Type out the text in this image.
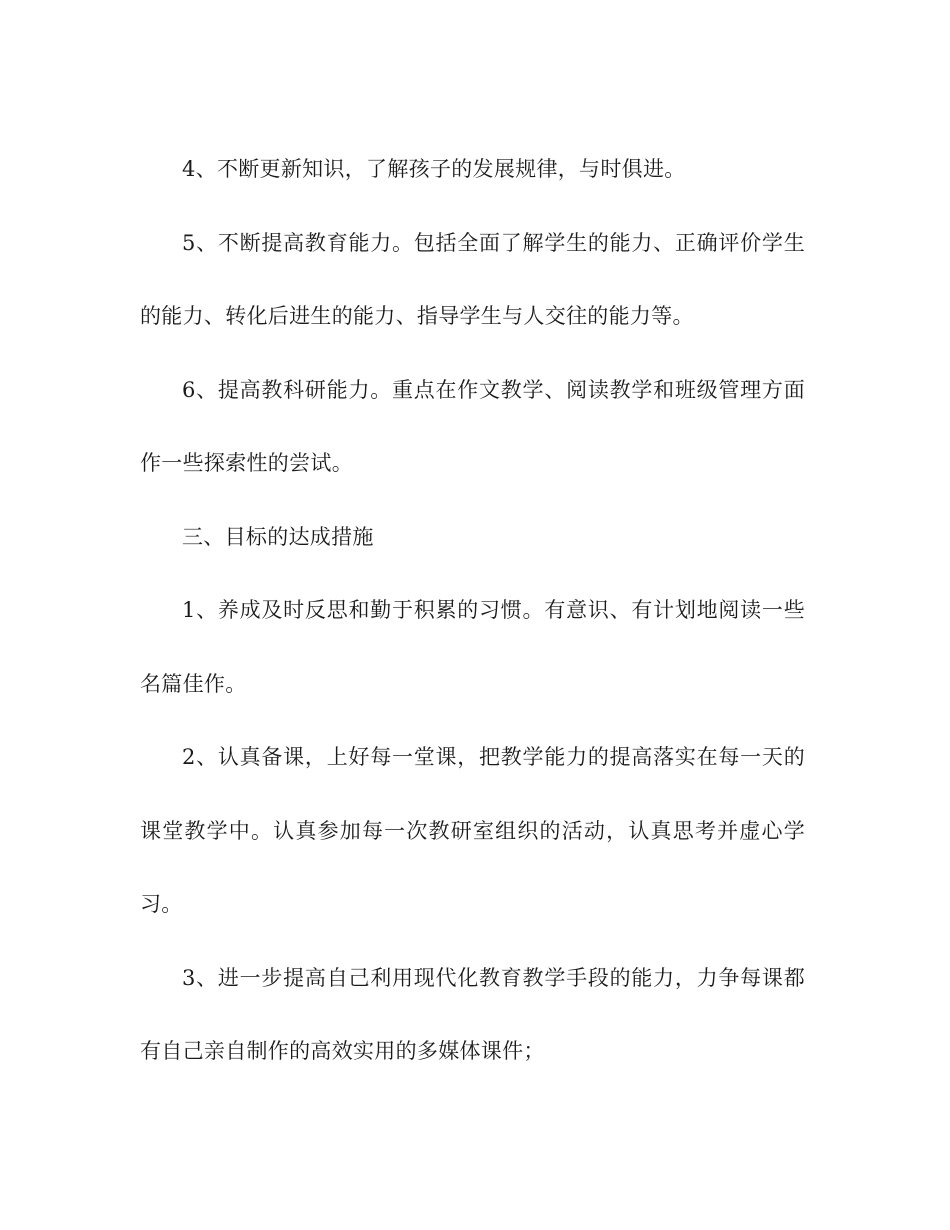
4、不断更新知识，了解孩子的发展规律，与时俱进。

5、不断提高教育能力。包括全面了解学生的能力、正确评价学生的能力、转化后进生的能力、指导学生与人交往的能力等。

6、提高教科研能力。重点在作文教学、阅读教学和班级管理方面作一些探索性的尝试。

三、目标的达成措施

1、养成及时反思和勤于积累的习惯。有意识、有计划地阅读一些名篇佳作。

2、认真备课，上好每一堂课，把教学能力的提高落实在每一天的课堂教学中。认真参加每一次教研室组织的活动，认真思考并虚心学习。

3、进一步提高自己利用现代化教育教学手段的能力，力争每课都有自己亲自制作的高效实用的多媒体课件；
